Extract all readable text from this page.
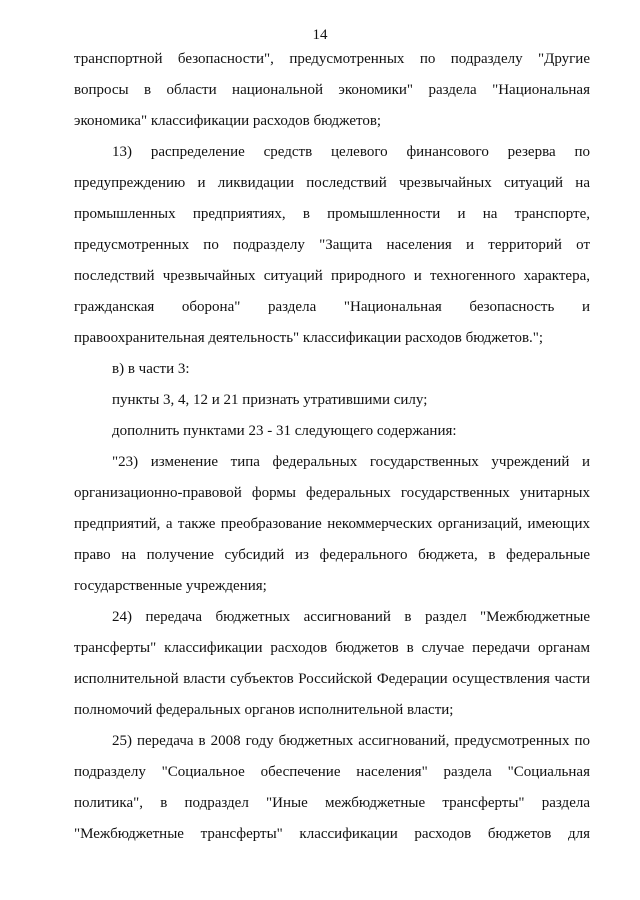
14
транспортной безопасности", предусмотренных по подразделу "Другие
вопросы в области национальной экономики" раздела "Национальная
экономика" классификации расходов бюджетов;
13) распределение средств целевого финансового резерва по
предупреждению и ликвидации последствий чрезвычайных ситуаций на
промышленных предприятиях, в промышленности и на транспорте,
предусмотренных по подразделу "Защита населения и территорий от
последствий чрезвычайных ситуаций природного и техногенного характера,
гражданская оборона" раздела "Национальная безопасность и
правоохранительная деятельность" классификации расходов бюджетов.";
в) в части 3:
пункты 3, 4, 12 и 21 признать утратившими силу;
дополнить пунктами 23 - 31 следующего содержания:
"23) изменение типа федеральных государственных учреждений и
организационно-правовой формы федеральных государственных унитарных
предприятий, а также преобразование некоммерческих организаций, имеющих
право на получение субсидий из федерального бюджета, в федеральные
государственные учреждения;
24) передача бюджетных ассигнований в раздел "Межбюджетные
трансферты" классификации расходов бюджетов в случае передачи органам
исполнительной власти субъектов Российской Федерации осуществления части
полномочий федеральных органов исполнительной власти;
25) передача в 2008 году бюджетных ассигнований, предусмотренных по
подразделу "Социальное обеспечение населения" раздела "Социальная
политика", в подраздел "Иные межбюджетные трансферты" раздела
"Межбюджетные трансферты" классификации расходов бюджетов для
